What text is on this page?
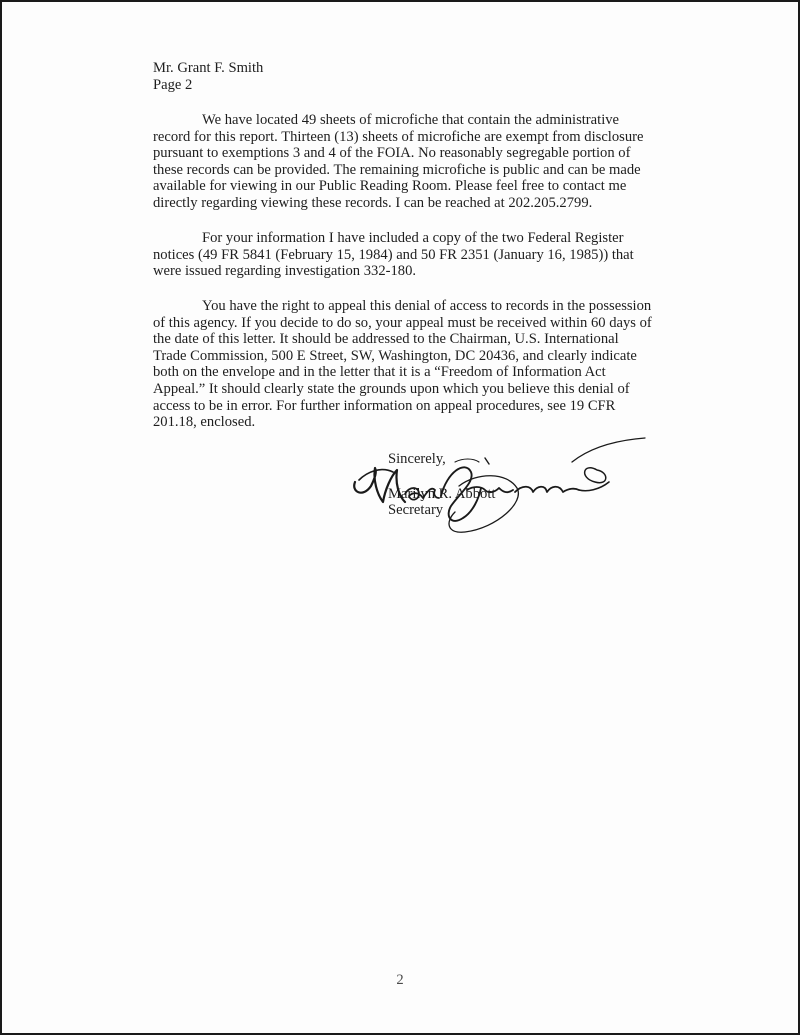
Mr. Grant F. Smith
Page 2

We have located 49 sheets of microfiche that contain the administrative
record for this report. Thirteen (13) sheets of microfiche are exempt from disclosure
pursuant to exemptions 3 and 4 of the FOIA. No reasonably segregable portion of
these records can be provided. The remaining microfiche is public and can be made
available for viewing in our Public Reading Room. Please feel free to contact me
directly regarding viewing these records. I can be reached at 202.205.2799.

For your information I have included a copy of the two Federal Register
notices (49 FR 5841 (February 15, 1984) and 50 FR 2351 (January 16, 1985)) that
were issued regarding investigation 332-180.

You have the right to appeal this denial of access to records in the possession
of this agency. If you decide to do so, your appeal must be received within 60 days of
the date of this letter. It should be addressed to the Chairman, U.S. International
Trade Commission, 500 E Street, SW, Washington, DC 20436, and clearly indicate
both on the envelope and in the letter that it is a “Freedom of Information Act
Appeal.” It should clearly state the grounds upon which you believe this denial of
access to be in error. For further information on appeal procedures, see 19 CFR
201.18, enclosed.

Sincerely,
Marilyn R. Abbott
Secretary
2
